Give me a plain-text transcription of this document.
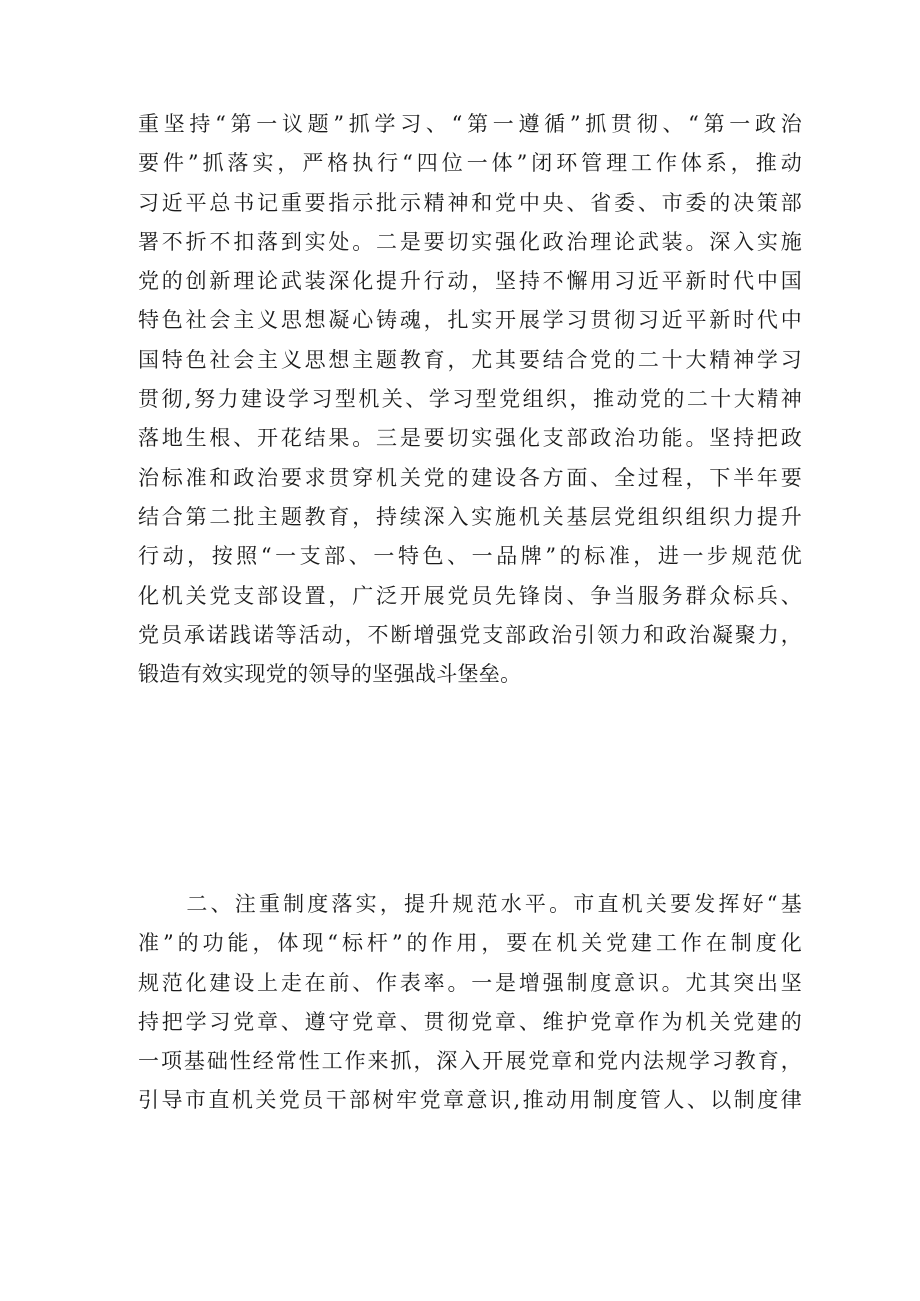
重坚持“第一议题”抓学习、“第一遵循”抓贯彻、“第一政治
要件”抓落实，严格执行“四位一体”闭环管理工作体系，推动
习近平总书记重要指示批示精神和党中央、省委、市委的决策部
署不折不扣落到实处。二是要切实强化政治理论武装。深入实施
党的创新理论武装深化提升行动，坚持不懈用习近平新时代中国
特色社会主义思想凝心铸魂，扎实开展学习贯彻习近平新时代中
国特色社会主义思想主题教育，尤其要结合党的二十大精神学习
贯彻,努力建设学习型机关、学习型党组织，推动党的二十大精神
落地生根、开花结果。三是要切实强化支部政治功能。坚持把政
治标准和政治要求贯穿机关党的建设各方面、全过程，下半年要
结合第二批主题教育，持续深入实施机关基层党组织组织力提升
行动，按照“一支部、一特色、一品牌”的标准，进一步规范优
化机关党支部设置，广泛开展党员先锋岗、争当服务群众标兵、
党员承诺践诺等活动，不断增强党支部政治引领力和政治凝聚力，
锻造有效实现党的领导的坚强战斗堡垒。
　　二、注重制度落实，提升规范水平。市直机关要发挥好“基
准”的功能，体现“标杆”的作用，要在机关党建工作在制度化
规范化建设上走在前、作表率。一是增强制度意识。尤其突出坚
持把学习党章、遵守党章、贯彻党章、维护党章作为机关党建的
一项基础性经常性工作来抓，深入开展党章和党内法规学习教育，
引导市直机关党员干部树牢党章意识,推动用制度管人、以制度律
